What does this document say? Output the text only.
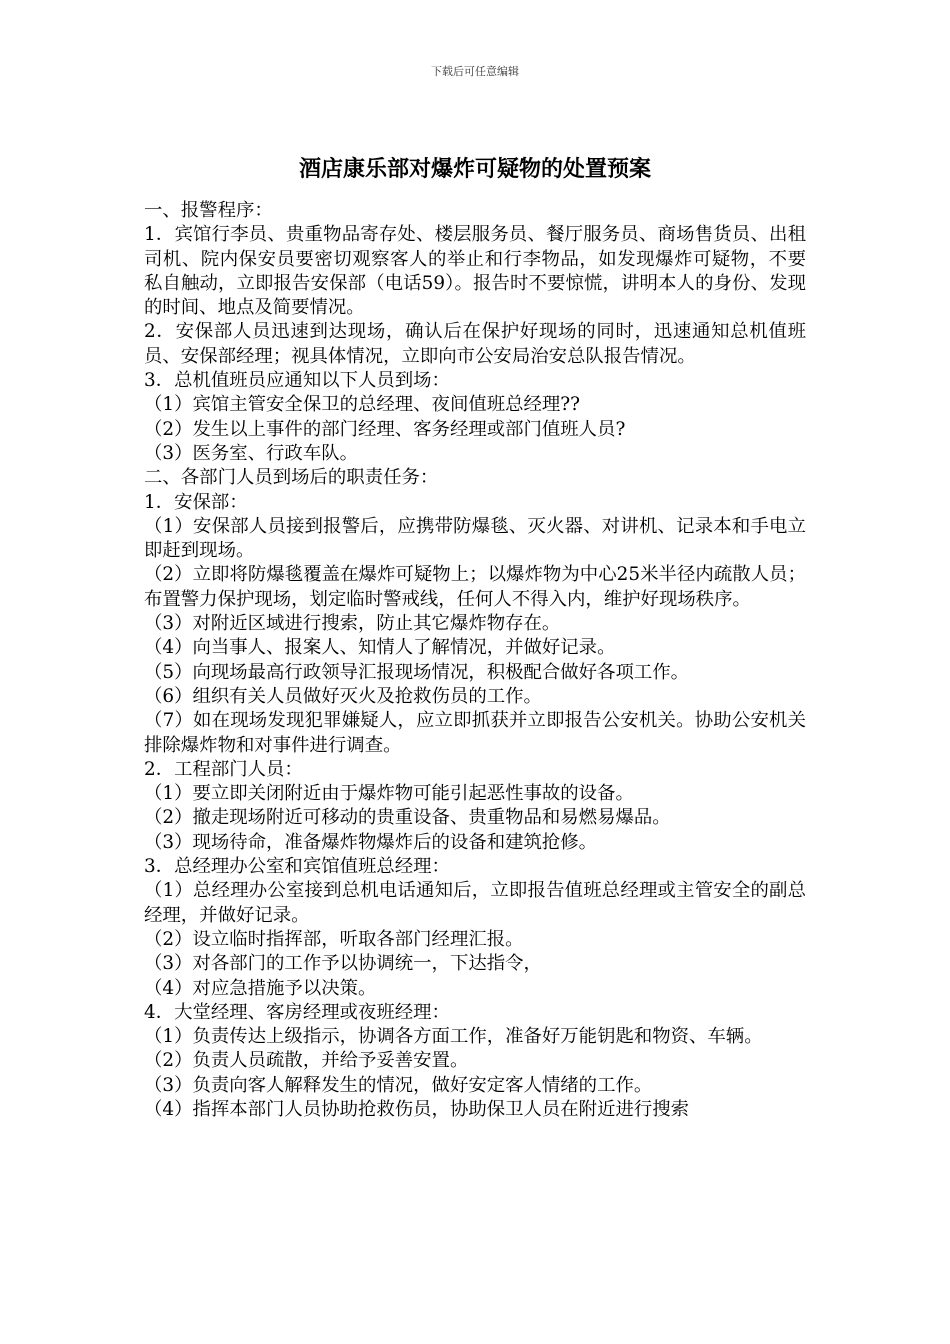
下载后可任意编辑
酒店康乐部对爆炸可疑物的处置预案

一、报警程序：

1．宾馆行李员、贵重物品寄存处、楼层服务员、餐厅服务员、商场售货员、出租司机、院内保安员要密切观察客人的举止和行李物品，如发现爆炸可疑物，不要私自触动，立即报告安保部（电话59）。报告时不要惊慌，讲明本人的身份、发现的时间、地点及简要情况。

2．安保部人员迅速到达现场，确认后在保护好现场的同时，迅速通知总机值班员、安保部经理；视具体情况，立即向市公安局治安总队报告情况。

3．总机值班员应通知以下人员到场：

（1）宾馆主管安全保卫的总经理、夜间值班总经理??

（2）发生以上事件的部门经理、客务经理或部门值班人员?

（3）医务室、行政车队。

二、各部门人员到场后的职责任务：

1．安保部：

（1）安保部人员接到报警后，应携带防爆毯、灭火器、对讲机、记录本和手电立即赶到现场。

（2）立即将防爆毯覆盖在爆炸可疑物上；以爆炸物为中心25米半径内疏散人员；布置警力保护现场，划定临时警戒线，任何人不得入内，维护好现场秩序。

（3）对附近区域进行搜索，防止其它爆炸物存在。

（4）向当事人、报案人、知情人了解情况，并做好记录。

（5）向现场最高行政领导汇报现场情况，积极配合做好各项工作。

（6）组织有关人员做好灭火及抢救伤员的工作。

（7）如在现场发现犯罪嫌疑人，应立即抓获并立即报告公安机关。协助公安机关排除爆炸物和对事件进行调查。

2．工程部门人员：

（1）要立即关闭附近由于爆炸物可能引起恶性事故的设备。

（2）撤走现场附近可移动的贵重设备、贵重物品和易燃易爆品。

（3）现场待命，准备爆炸物爆炸后的设备和建筑抢修。

3．总经理办公室和宾馆值班总经理：

（1）总经理办公室接到总机电话通知后，立即报告值班总经理或主管安全的副总经理，并做好记录。

（2）设立临时指挥部，听取各部门经理汇报。

（3）对各部门的工作予以协调统一，下达指令，

（4）对应急措施予以决策。

4．大堂经理、客房经理或夜班经理：

（1）负责传达上级指示，协调各方面工作，准备好万能钥匙和物资、车辆。

（2）负责人员疏散，并给予妥善安置。

（3）负责向客人解释发生的情况，做好安定客人情绪的工作。

（4）指挥本部门人员协助抢救伤员，协助保卫人员在附近进行搜索
